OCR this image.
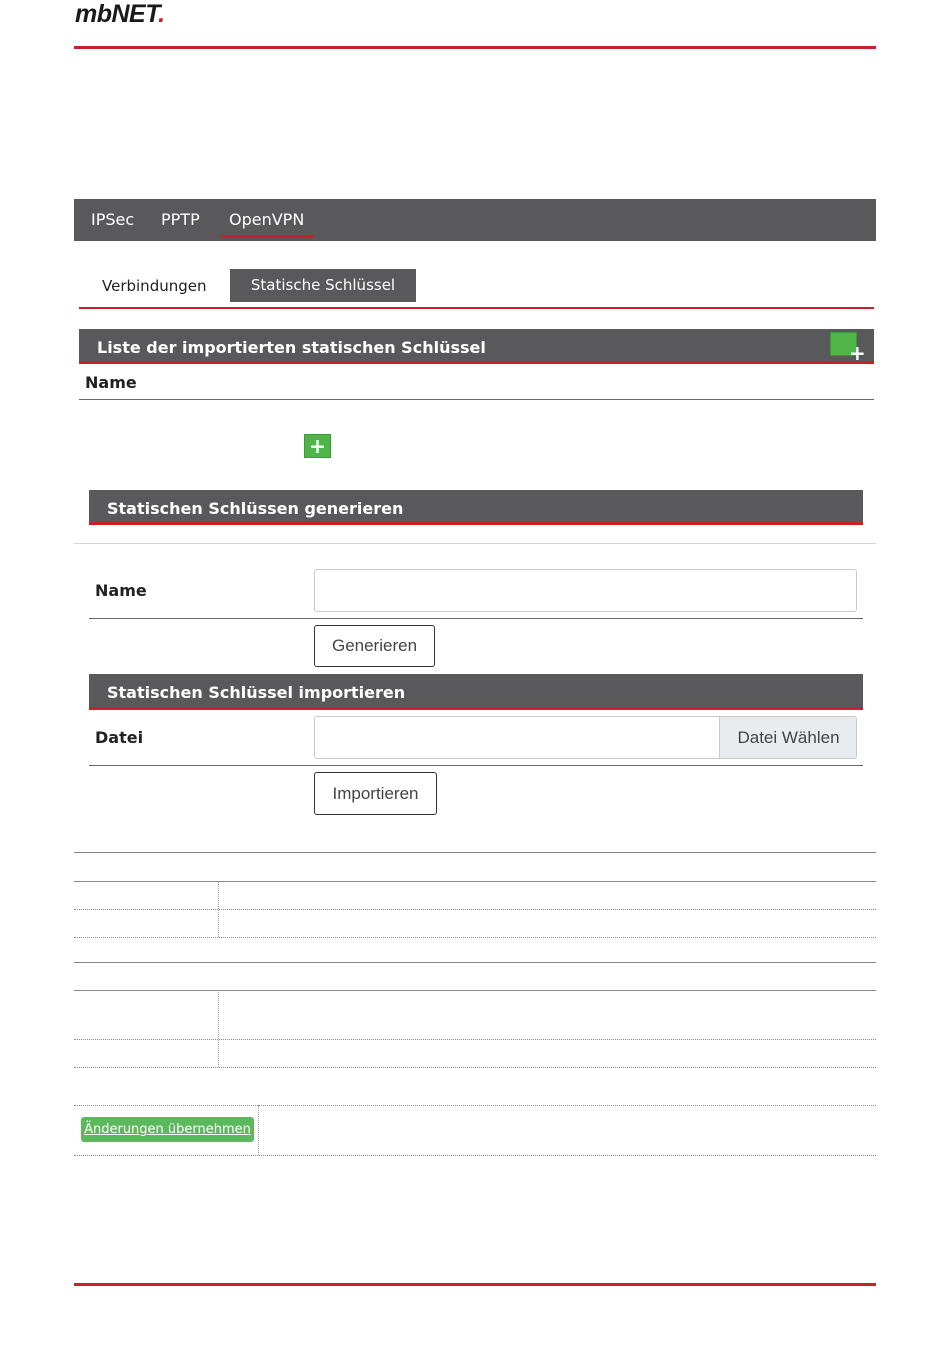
mbNET.
IPSec PPTP OpenVPN
Verbindungen	Statische Schlüssel
Liste der importierten statischen Schlüssel	+
Name
+
Statischen Schlüssen generieren
Name
Generieren
Statischen Schlüssel importieren
Datei	Datei Wählen
Importieren
Änderungen übernehmen
